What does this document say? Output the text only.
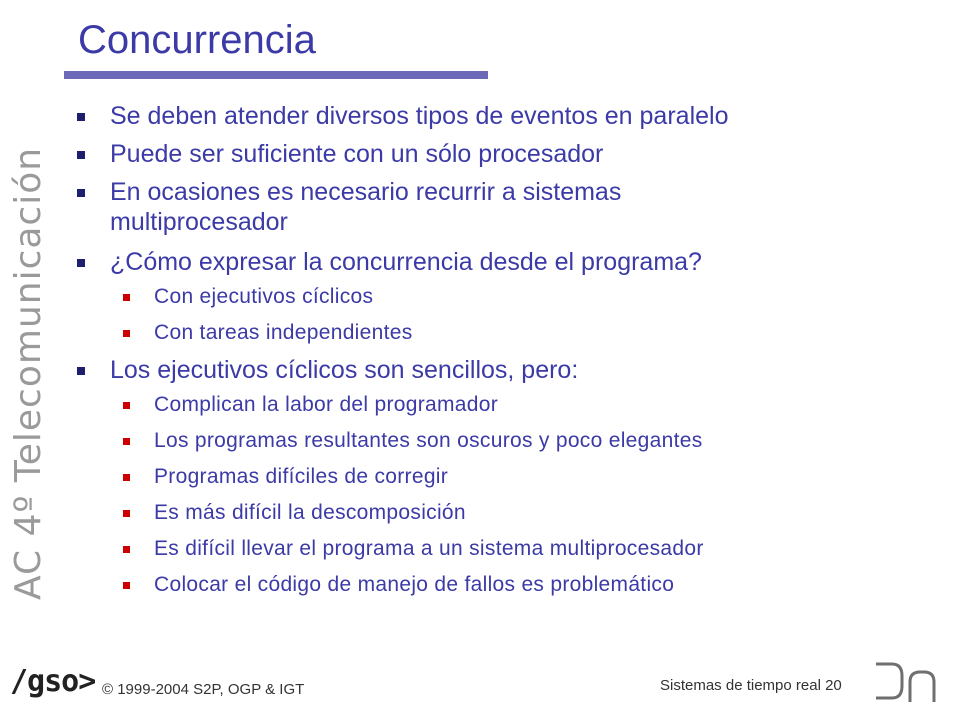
Concurrencia
AC 4º Telecomunicación
Se deben atender diversos tipos de eventos en paralelo
Puede ser suficiente con un sólo procesador
En ocasiones es necesario recurrir a sistemas multiprocesador
¿Cómo expresar la concurrencia desde el programa?
Con ejecutivos cíclicos
Con tareas independientes
Los ejecutivos cíclicos son sencillos, pero:
Complican la labor del programador
Los programas resultantes son oscuros y poco elegantes
Programas difíciles de corregir
Es más difícil la descomposición
Es difícil llevar el programa a un sistema multiprocesador
Colocar el código de manejo de fallos es problemático
/gso> © 1999-2004 S2P, OGP & IGT	Sistemas de tiempo real 20
